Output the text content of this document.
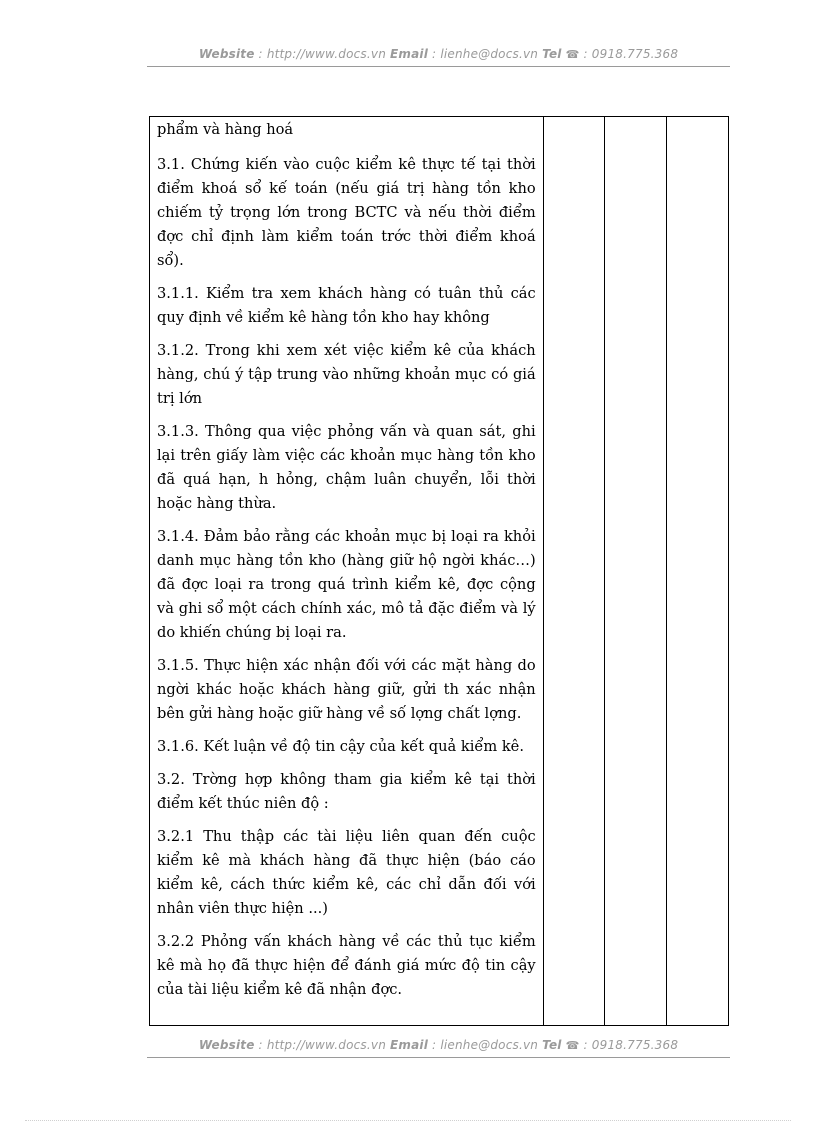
Website : http://www.docs.vn Email : lienhe@docs.vn Tel ☎ : 0918.775.368

phẩm và hàng hoá

3.1. Chứng kiến vào cuộc kiểm kê thực tế tại thời điểm khoá sổ kế toán (nếu giá trị hàng tồn kho chiếm tỷ trọng lớn trong BCTC và nếu thời điểm đợc chỉ định làm kiểm toán trớc thời điểm khoá sổ).

3.1.1. Kiểm tra xem khách hàng có tuân thủ các quy định về kiểm kê hàng tồn kho hay không

3.1.2. Trong khi xem xét việc kiểm kê của khách hàng, chú ý tập trung vào những khoản mục có giá trị lớn

3.1.3. Thông qua việc phỏng vấn và quan sát, ghi lại trên giấy làm việc các khoản mục hàng tồn kho đã quá hạn, h hỏng, chậm luân chuyển, lỗi thời hoặc hàng thừa.

3.1.4. Đảm bảo rằng các khoản mục bị loại ra khỏi danh mục hàng tồn kho (hàng giữ hộ ngời khác…) đã đợc loại ra trong quá trình kiểm kê, đợc cộng và ghi sổ một cách chính xác, mô tả đặc điểm và lý do khiến chúng bị loại ra.

3.1.5. Thực hiện xác nhận đối với các mặt hàng do ngời khác hoặc khách hàng giữ, gửi th xác nhận bên gửi hàng hoặc giữ hàng về số lợng chất lợng.

3.1.6. Kết luận về độ tin cậy của kết quả kiểm kê.

3.2. Trờng hợp không tham gia kiểm kê tại thời điểm kết thúc niên độ :

3.2.1 Thu thập các tài liệu liên quan đến cuộc kiểm kê mà khách hàng đã thực hiện (báo cáo kiểm kê, cách thức kiểm kê, các chỉ dẫn đối với nhân viên thực hiện ...)

3.2.2 Phỏng vấn khách hàng về các thủ tục kiểm kê mà họ đã thực hiện để đánh giá mức độ tin cậy của tài liệu kiểm kê đã nhận đợc.

Website : http://www.docs.vn Email : lienhe@docs.vn Tel ☎ : 0918.775.368
